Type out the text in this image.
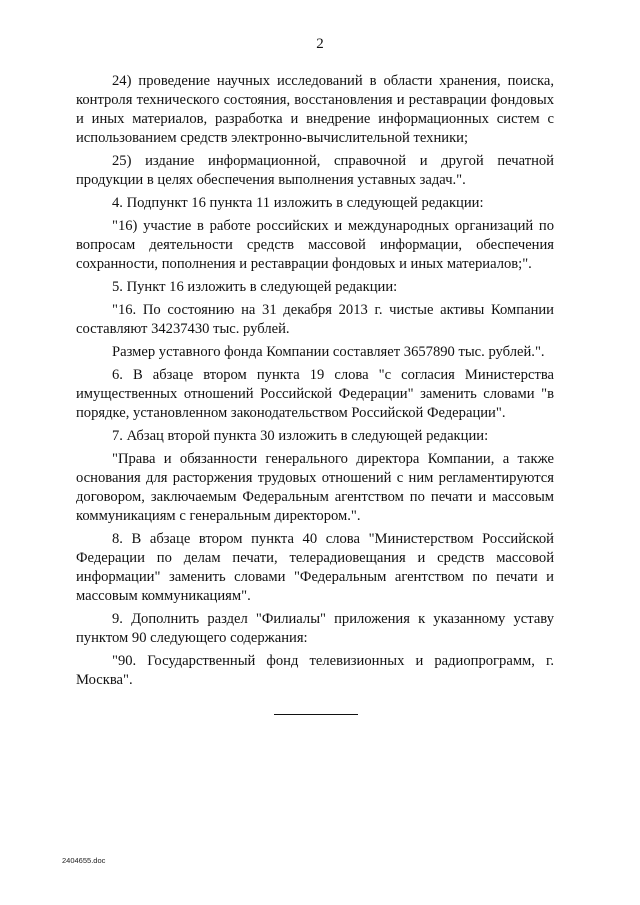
2

24) проведение научных исследований в области хранения, поиска, контроля технического состояния, восстановления и реставрации фондовых и иных материалов, разработка и внедрение информационных систем с использованием средств электронно-вычислительной техники;

25) издание информационной, справочной и другой печатной продукции в целях обеспечения выполнения уставных задач.".

4. Подпункт 16 пункта 11 изложить в следующей редакции:

"16) участие в работе российских и международных организаций по вопросам деятельности средств массовой информации, обеспечения сохранности, пополнения и реставрации фондовых и иных материалов;".

5. Пункт 16 изложить в следующей редакции:

"16. По состоянию на 31 декабря 2013 г. чистые активы Компании составляют 34237430 тыс. рублей.

Размер уставного фонда Компании составляет 3657890 тыс. рублей.".

6. В абзаце втором пункта 19 слова "с согласия Министерства имущественных отношений Российской Федерации" заменить словами "в порядке, установленном законодательством Российской Федерации".

7. Абзац второй пункта 30 изложить в следующей редакции:

"Права и обязанности генерального директора Компании, а также основания для расторжения трудовых отношений с ним регламентируются договором, заключаемым Федеральным агентством по печати и массовым коммуникациям с генеральным директором.".

8. В абзаце втором пункта 40 слова "Министерством Российской Федерации по делам печати, телерадиовещания и средств массовой информации" заменить словами "Федеральным агентством по печати и массовым коммуникациям".

9. Дополнить раздел "Филиалы" приложения к указанному уставу пунктом 90 следующего содержания:

"90. Государственный фонд телевизионных и радиопрограмм, г. Москва".

2404655.doc
